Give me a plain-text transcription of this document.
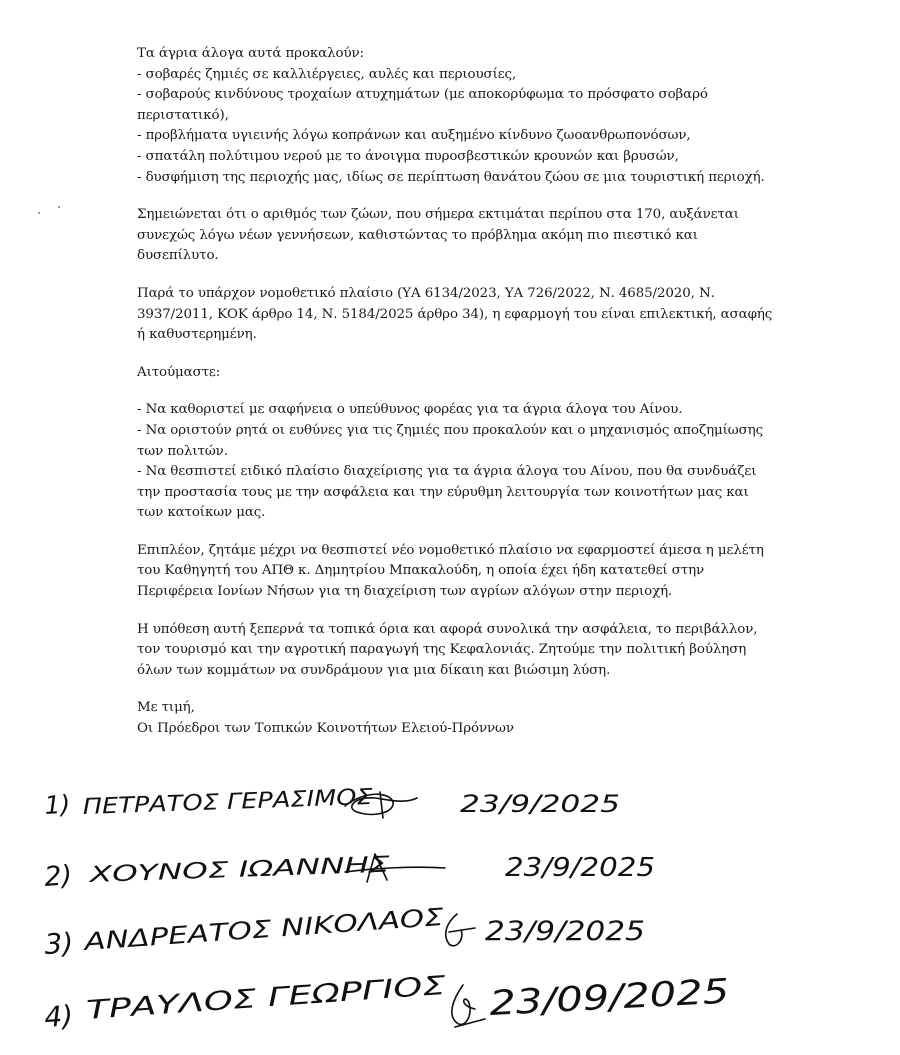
Τα άγρια άλογα αυτά προκαλούν:

- σοβαρές ζημιές σε καλλιέργειες, αυλές και περιουσίες,

- σοβαρούς κινδύνους τροχαίων ατυχημάτων (με αποκορύφωμα το πρόσφατο σοβαρό περιστατικό),

- προβλήματα υγιεινής λόγω κοπράνων και αυξημένο κίνδυνο ζωοανθρωπονόσων,

- σπατάλη πολύτιμου νερού με το άνοιγμα πυροσβεστικών κρουνών και βρυσών,

- δυσφήμιση της περιοχής μας, ιδίως σε περίπτωση θανάτου ζώου σε μια τουριστική περιοχή.

Σημειώνεται ότι ο αριθμός των ζώων, που σήμερα εκτιμάται περίπου στα 170, αυξάνεται συνεχώς λόγω νέων γεννήσεων, καθιστώντας το πρόβλημα ακόμη πιο πιεστικό και δυσεπίλυτο.

Παρά το υπάρχον νομοθετικό πλαίσιο (ΥΑ 6134/2023, ΥΑ 726/2022, Ν. 4685/2020, Ν. 3937/2011, ΚΟΚ άρθρο 14, Ν. 5184/2025 άρθρο 34), η εφαρμογή του είναι επιλεκτική, ασαφής ή καθυστερημένη.

Αιτούμαστε:

- Να καθοριστεί με σαφήνεια ο υπεύθυνος φορέας για τα άγρια άλογα του Αίνου.

- Να οριστούν ρητά οι ευθύνες για τις ζημιές που προκαλούν και ο μηχανισμός αποζημίωσης των πολιτών.

- Να θεσπιστεί ειδικό πλαίσιο διαχείρισης για τα άγρια άλογα του Αίνου, που θα συνδυάζει την προστασία τους με την ασφάλεια και την εύρυθμη λειτουργία των κοινοτήτων μας και των κατοίκων μας.

Επιπλέον, ζητάμε μέχρι να θεσπιστεί νέο νομοθετικό πλαίσιο να εφαρμοστεί άμεσα η μελέτη του Καθηγητή του ΑΠΘ κ. Δημητρίου Μπακαλούδη, η οποία έχει ήδη κατατεθεί στην Περιφέρεια Ιονίων Νήσων για τη διαχείριση των αγρίων αλόγων στην περιοχή.

Η υπόθεση αυτή ξεπερνά τα τοπικά όρια και αφορά συνολικά την ασφάλεια, το περιβάλλον, τον τουρισμό και την αγροτική παραγωγή της Κεφαλονιάς. Ζητούμε την πολιτική βούληση όλων των κομμάτων να συνδράμουν για μια δίκαιη και βιώσιμη λύση.

Με τιμή,

Οι Πρόεδροι των Τοπικών Κοινοτήτων Ελειού-Πρόννων

1) ΠΕΤΡΑΤΟΣ ΓΕΡΑΣΙΜΟΣ	23/9/2025
2) ΧΟΥΝΟΣ ΙΩΑΝΝΗΣ	23/9/2025
3) ΑΝΔΡΕΑΤΟΣ ΝΙΚΟΛΑΟΣ	23/9/2025
4) ΤΡΑΥΛΟΣ ΓΕΩΡΓΙΟΣ	23/09/2025
